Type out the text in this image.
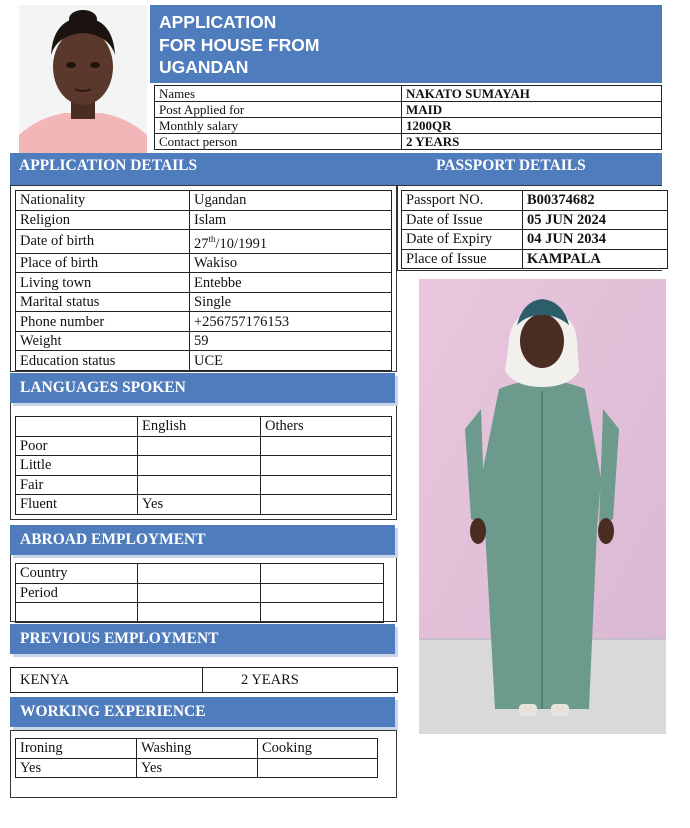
APPLICATION
FOR HOUSE FROM
UGANDAN
Names	NAKATO SUMAYAH
Post Applied for	MAID
Monthly salary	1200QR
Contact person	2 YEARS
APPLICATION DETAILS	PASSPORT DETAILS
Nationality	Ugandan
Religion	Islam
Date of birth	27th/10/1991
Place of birth	Wakiso
Living town	Entebbe
Marital status	Single
Phone number	+256757176153
Weight	59
Education status	UCE
Passport NO.	B00374682
Date of Issue	05 JUN 2024
Date of Expiry	04 JUN 2034
Place of Issue	KAMPALA
LANGUAGES SPOKEN
	English	Others
Poor		
Little		
Fair		
Fluent	Yes	
ABROAD EMPLOYMENT
Country		
Period		

PREVIOUS EMPLOYMENT
KENYA	2 YEARS
WORKING EXPERIENCE
Ironing	Washing	Cooking
Yes	Yes	
